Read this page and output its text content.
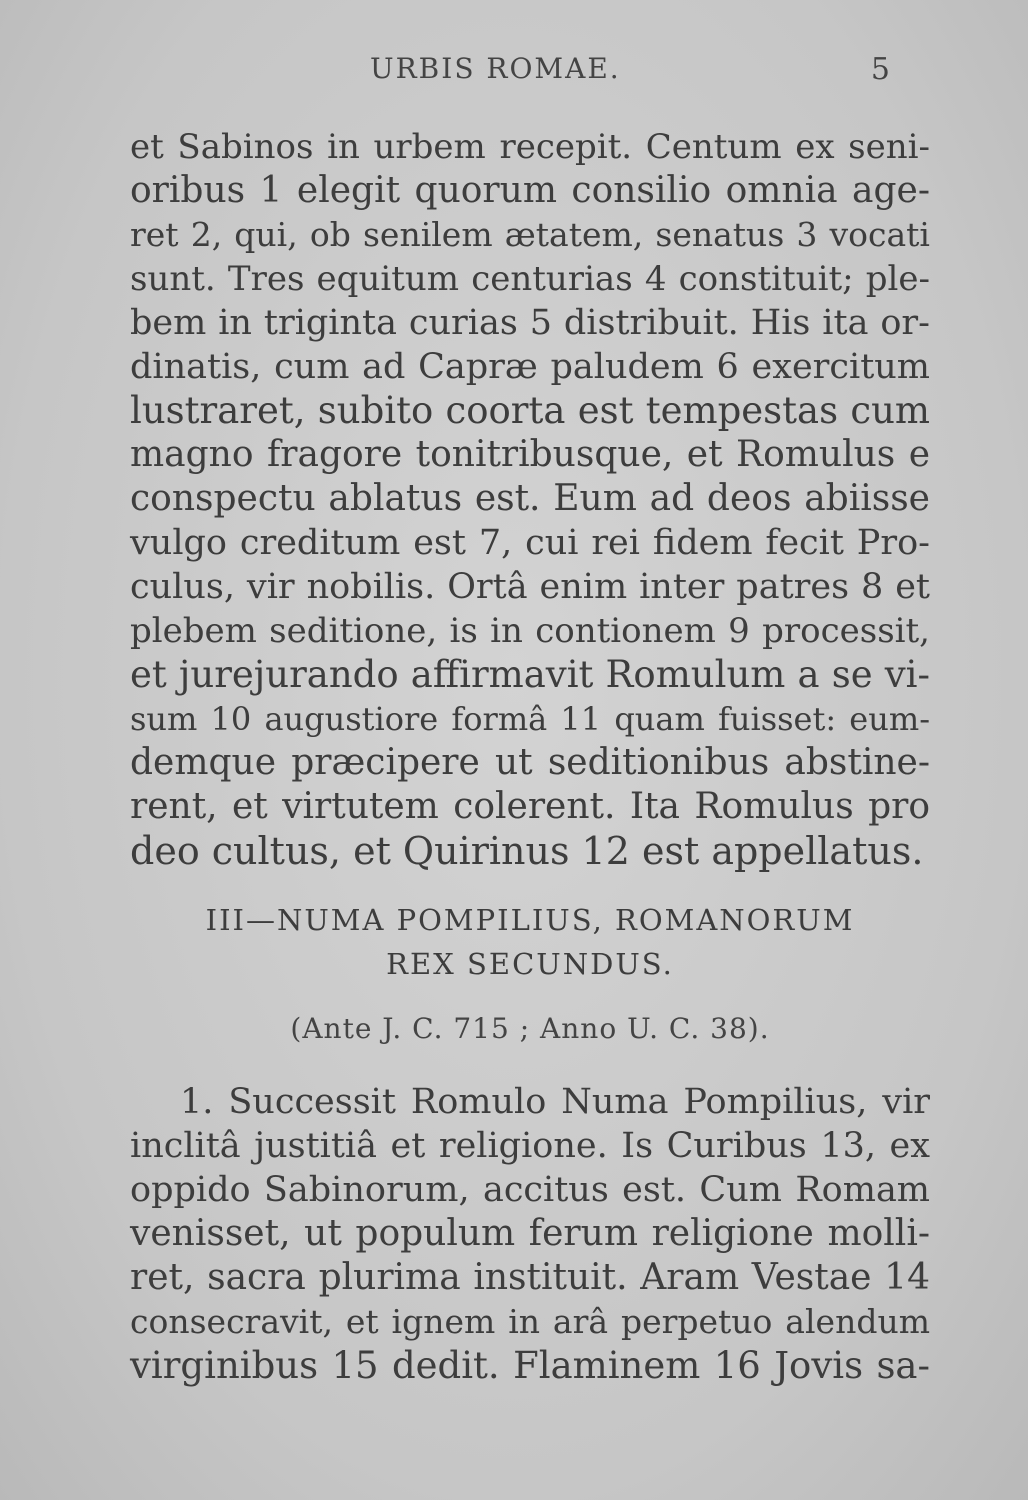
URBIS ROMAE.	5
et Sabinos in urbem recepit. Centum ex seni-
oribus 1 elegit quorum consilio omnia age-
ret 2, qui, ob senilem ætatem, senatus 3 vocati
sunt. Tres equitum centurias 4 constituit; ple-
bem in triginta curias 5 distribuit. His ita or-
dinatis, cum ad Capræ paludem 6 exercitum
lustraret, subito coorta est tempestas cum
magno fragore tonitribusque, et Romulus e
conspectu ablatus est. Eum ad deos abiisse
vulgo creditum est 7, cui rei fidem fecit Pro-
culus, vir nobilis. Ortâ enim inter patres 8 et
plebem seditione, is in contionem 9 processit,
et jurejurando affirmavit Romulum a se vi-
sum 10 augustiore formâ 11 quam fuisset: eum-
demque præcipere ut seditionibus abstine-
rent, et virtutem colerent. Ita Romulus pro
deo cultus, et Quirinus 12 est appellatus.
III—NUMA POMPILIUS, ROMANORUM
REX SECUNDUS.
(Ante J. C. 715 ; Anno U. C. 38).
1. Successit Romulo Numa Pompilius, vir
inclitâ justitiâ et religione. Is Curibus 13, ex
oppido Sabinorum, accitus est. Cum Romam
venisset, ut populum ferum religione molli-
ret, sacra plurima instituit. Aram Vestae 14
consecravit, et ignem in arâ perpetuo alendum
virginibus 15 dedit. Flaminem 16 Jovis sa-
